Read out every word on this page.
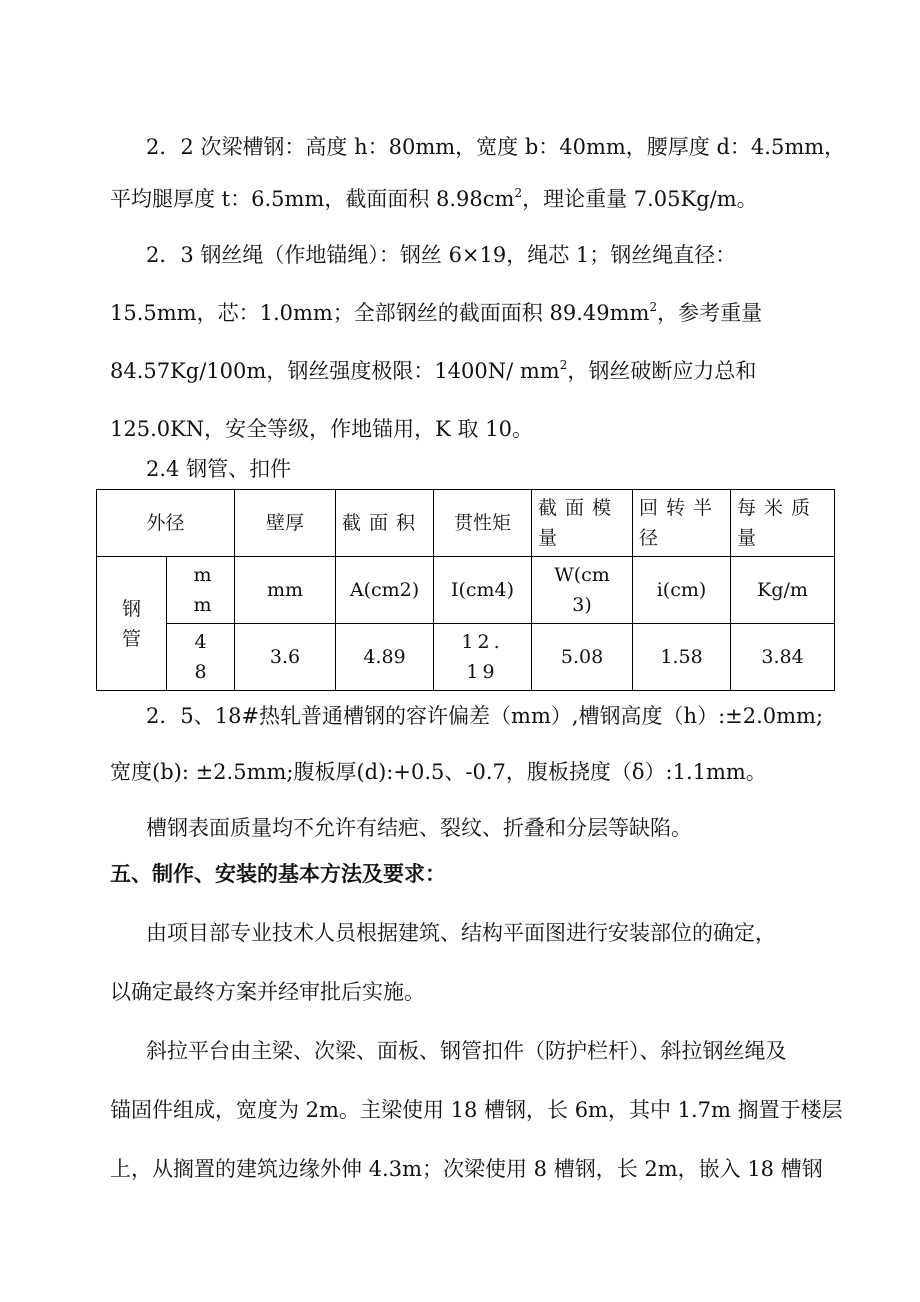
2．2 次梁槽钢：高度 h：80mm，宽度 b：40mm，腰厚度 d：4.5mm，

平均腿厚度 t：6.5mm，截面面积 $8.98cm^2$，理论重量 7.05Kg/m。

2．3 钢丝绳（作地锚绳）：钢丝 6×19，绳芯 1；钢丝绳直径：

15.5mm，芯：1.0mm；全部钢丝的截面面积 $89.49mm^2$，参考重量

84.57Kg/100m，钢丝强度极限：1400N/ $mm^2$，钢丝破断应力总和

125.0KN，安全等级，作地锚用，K 取 10。

2.4 钢管、扣件

外径		壁厚	截面积	贯性矩	截面模量	回转半径	每米质量

钢管	mm	mm	A(cm2)	I(cm4)	W(cm3)	i(cm)	Kg/m

	48	3.6	4.89	12.19	5.08	1.58	3.84

2．5、18#热轧普通槽钢的容许偏差（mm）,槽钢高度（h）:±2.0mm;

宽度(b): ±2.5mm;腹板厚(d):+0.5、-0.7，腹板挠度（δ）:1.1mm。

槽钢表面质量均不允许有结疤、裂纹、折叠和分层等缺陷。

五、制作、安装的基本方法及要求：

由项目部专业技术人员根据建筑、结构平面图进行安装部位的确定，

以确定最终方案并经审批后实施。

斜拉平台由主梁、次梁、面板、钢管扣件（防护栏杆）、斜拉钢丝绳及

锚固件组成，宽度为 2m。主梁使用 18 槽钢，长 6m，其中 1.7m 搁置于楼层

上，从搁置的建筑边缘外伸 4.3m；次梁使用 8 槽钢，长 2m，嵌入 18 槽钢
